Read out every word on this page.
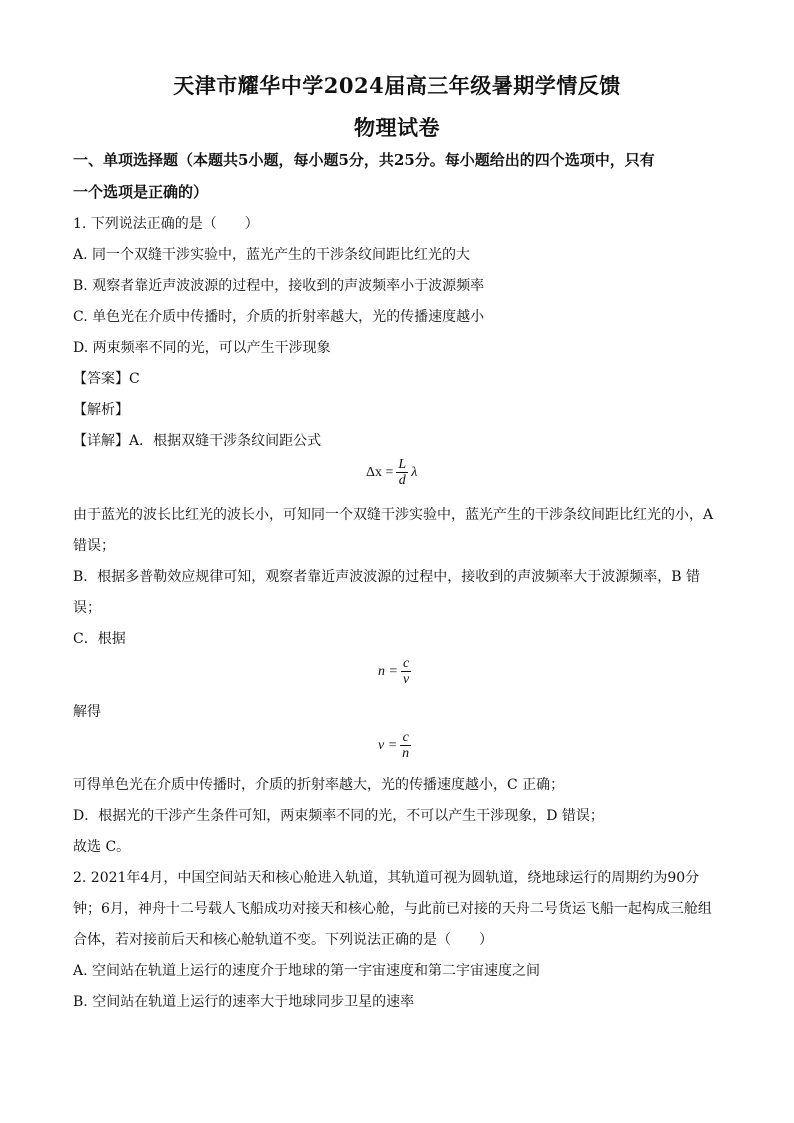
天津市耀华中学2024届高三年级暑期学情反馈
物理试卷
一、单项选择题（本题共5小题，每小题5分，共25分。每小题给出的四个选项中，只有
一个选项是正确的）
1. 下列说法正确的是（　　）
A. 同一个双缝干涉实验中，蓝光产生的干涉条纹间距比红光的大
B. 观察者靠近声波波源的过程中，接收到的声波频率小于波源频率
C. 单色光在介质中传播时，介质的折射率越大，光的传播速度越小
D. 两束频率不同的光，可以产生干涉现象
【答案】C
【解析】
【详解】A．根据双缝干涉条纹间距公式
$\Delta x = \frac{L}{d}$ λ
由于蓝光的波长比红光的波长小，可知同一个双缝干涉实验中，蓝光产生的干涉条纹间距比红光的小，A
错误；
B．根据多普勒效应规律可知，观察者靠近声波波源的过程中，接收到的声波频率大于波源频率，B 错
误；
C．根据
$n = \frac{c}{v}$
解得
$v = \frac{c}{n}$
可得单色光在介质中传播时，介质的折射率越大，光的传播速度越小，C 正确；
D．根据光的干涉产生条件可知，两束频率不同的光，不可以产生干涉现象，D 错误；
故选 C。
2. 2021年4月，中国空间站天和核心舱进入轨道，其轨道可视为圆轨道，绕地球运行的周期约为90分
钟；6月，神舟十二号载人飞船成功对接天和核心舱，与此前已对接的天舟二号货运飞船一起构成三舱组
合体，若对接前后天和核心舱轨道不变。下列说法正确的是（　　）
A. 空间站在轨道上运行的速度介于地球的第一宇宙速度和第二宇宙速度之间
B. 空间站在轨道上运行的速率大于地球同步卫星的速率
